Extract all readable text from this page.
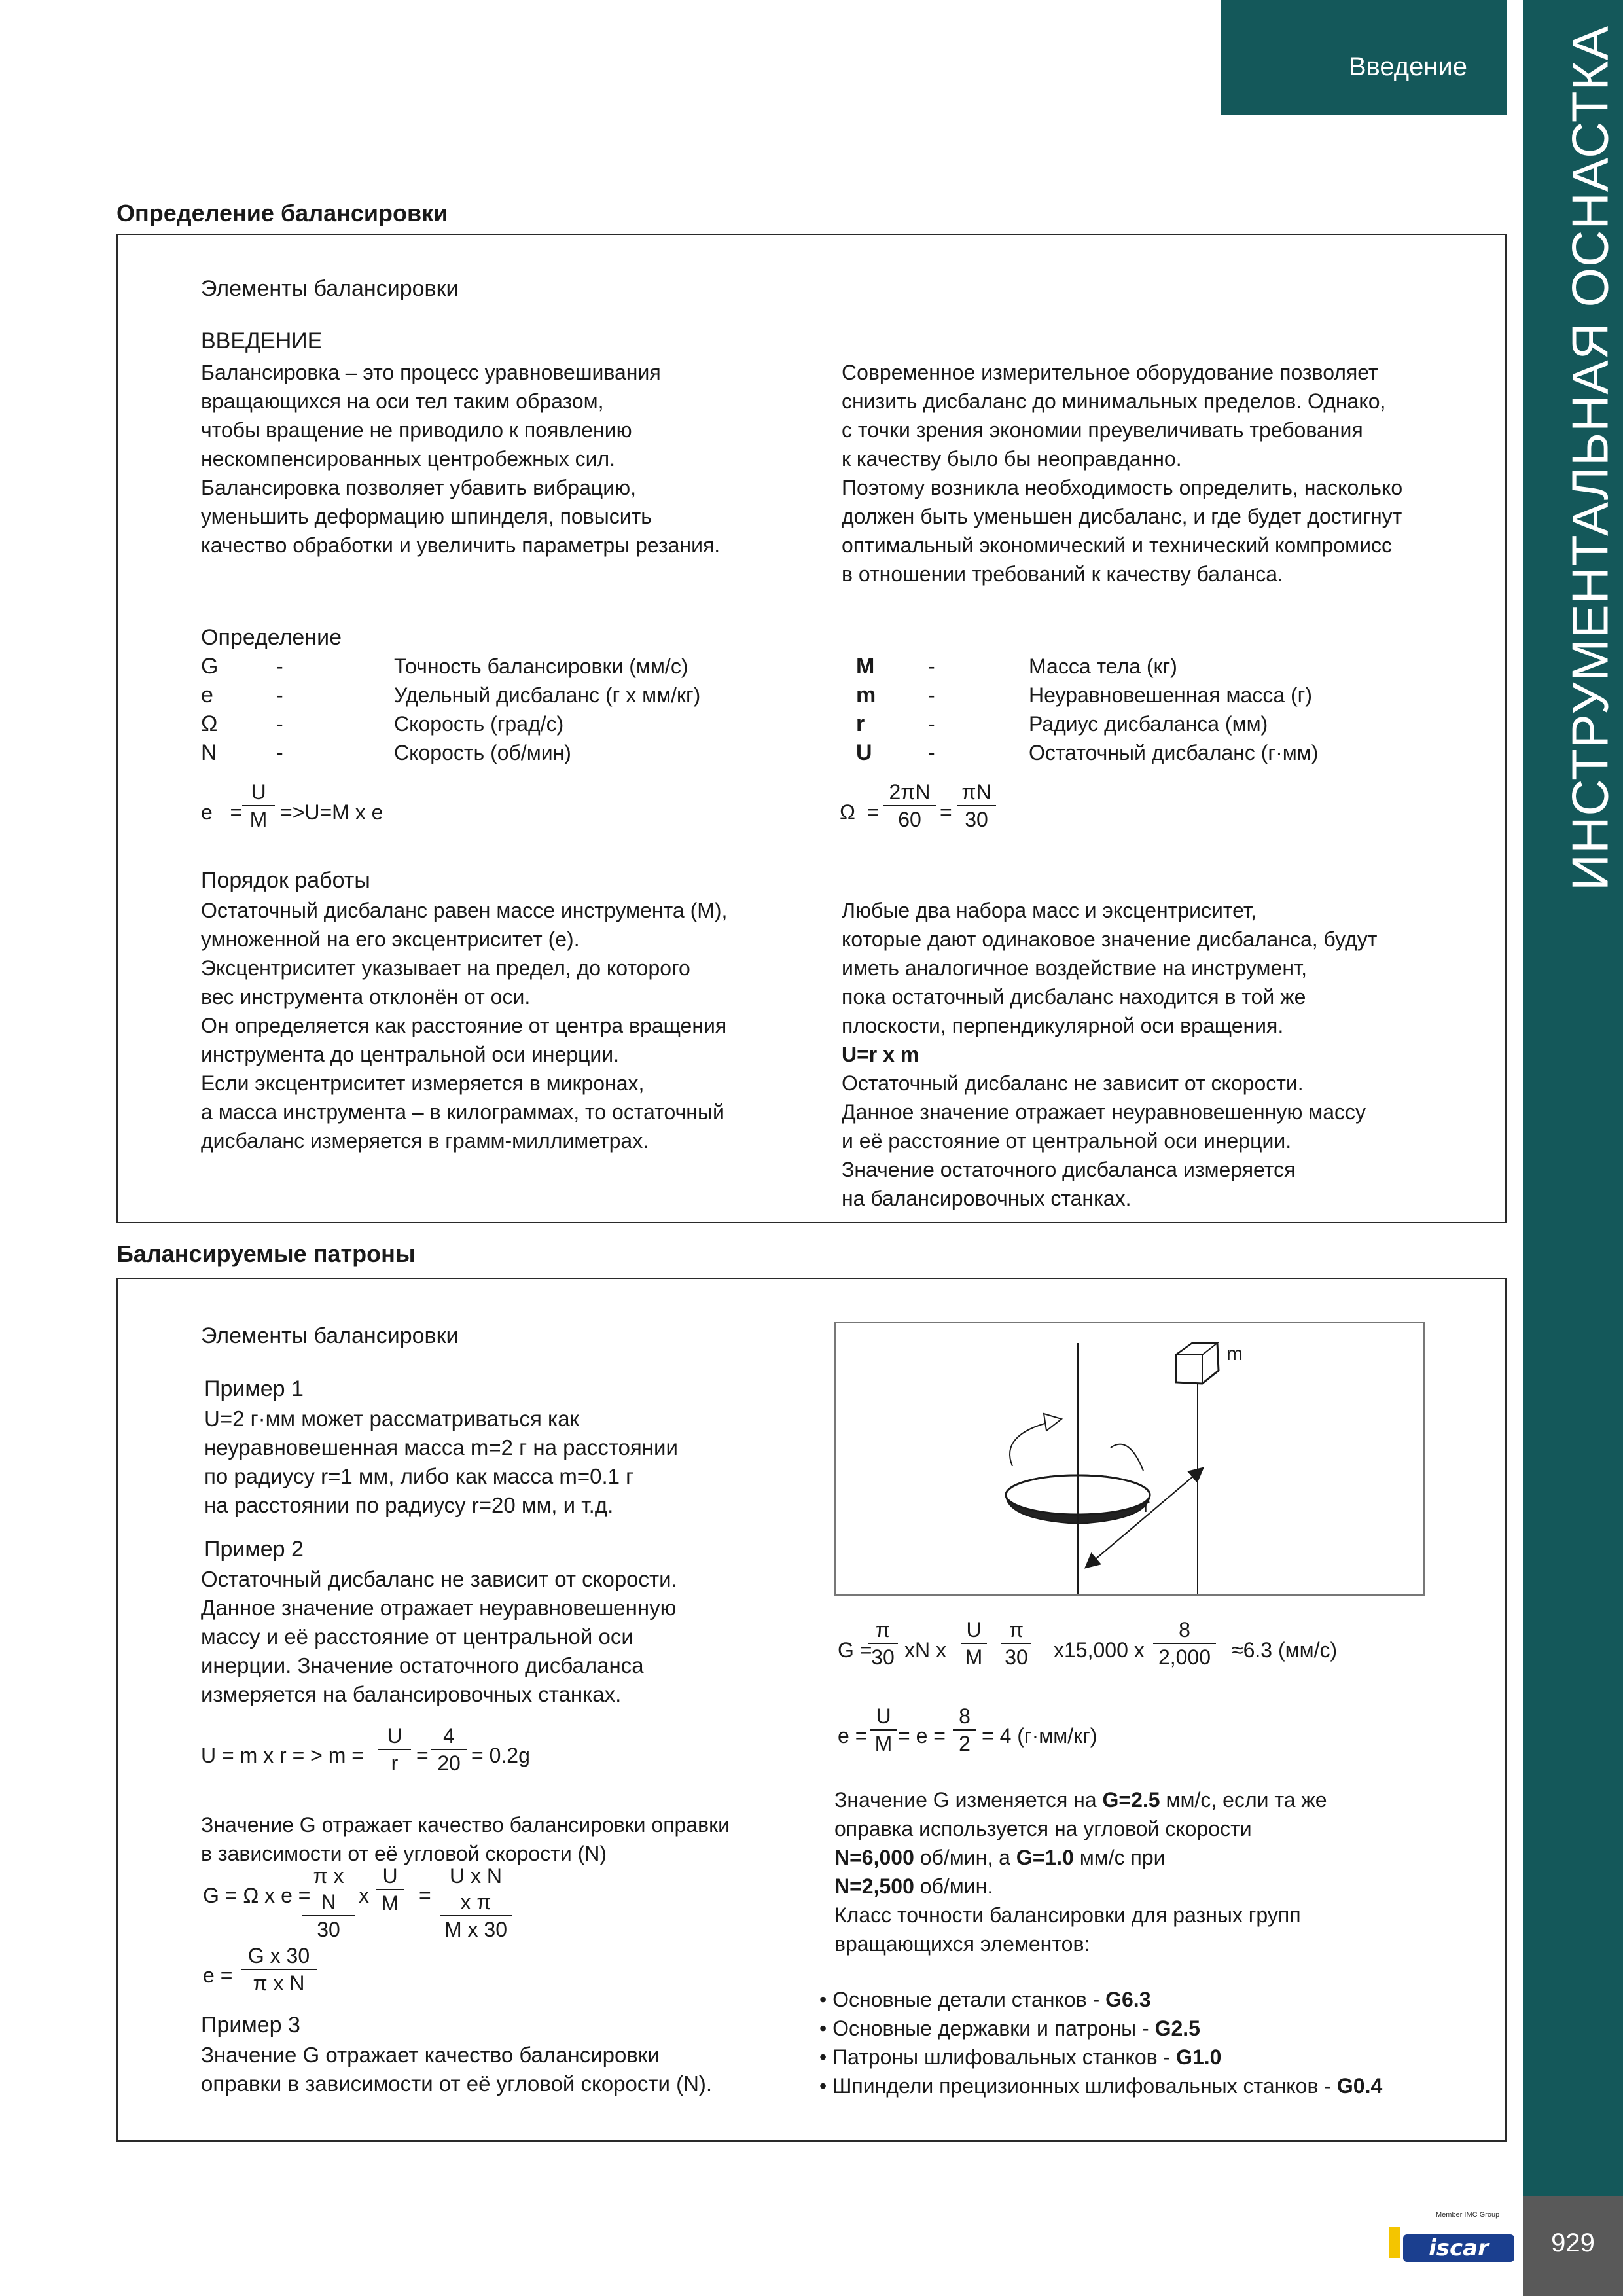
Введение ИНСТРУМЕНТАЛЬНАЯ ОСНАСТКА
929
Member IMC Group
iscar
Определение балансировки
Элементы балансировки
ВВЕДЕНИЕ
Балансировка – это процесс уравновешивания
вращающихся на оси тел таким образом,
чтобы вращение не приводило к появлению
нескомпенсированных центробежных сил.
Балансировка позволяет убавить вибрацию,
уменьшить деформацию шпинделя, повысить
качество обработки и увеличить параметры резания.
Современное измерительное оборудование позволяет
снизить дисбаланс до минимальных пределов. Однако,
с точки зрения экономии преувеличивать требования
к качеству было бы неоправданно.
Поэтому возникла необходимость определить, насколько
должен быть уменьшен дисбаланс, и где будет достигнут
оптимальный экономический и технический компромисс
в отношении требований к качеству баланса.
Определение
G	-	Точность балансировки (мм/с)
e	-	Удельный дисбаланс (г x мм/кг)
Ω	-	Скорость (град/с)
N	-	Скорость (об/мин)
M	-	Масса тела (кг)
m -	Неуравновешенная масса (г)
r	-	Радиус дисбаланса (мм)
U	-	Остаточный дисбаланс (г·мм)
$e = \frac{U}{M} =>U=M$ x e	$\Omega = \frac{2\pi N}{60} = \frac{\pi N}{30}$
Порядок работы
Остаточный дисбаланс равен массе инструмента (M),
умноженной на его эксцентриситет (e).
Эксцентриситет указывает на предел, до которого
вес инструмента отклонён от оси.
Он определяется как расстояние от центра вращения
инструмента до центральной оси инерции.
Если эксцентриситет измеряется в микронах,
а масса инструмента – в килограммах, то остаточный
дисбаланс измеряется в грамм-миллиметрах.
Любые два набора масс и эксцентриситет,
которые дают одинаковое значение дисбаланса, будут
иметь аналогичное воздействие на инструмент,
пока остаточный дисбаланс находится в той же
плоскости, перпендикулярной оси вращения.
U=r x m
Остаточный дисбаланс не зависит от скорости.
Данное значение отражает неуравновешенную массу
и её расстояние от центральной оси инерции.
Значение остаточного дисбаланса измеряется
на балансировочных станках.
Балансируемые патроны
Элементы балансировки
Пример 1
U=2 г·мм может рассматриваться как
неуравновешенная масса m=2 г на расстоянии
по радиусу r=1 мм, либо как масса m=0.1 г
на расстоянии по радиусу r=20 мм, и т.д.
Пример 2
Остаточный дисбаланс не зависит от скорости.
Данное значение отражает неуравновешенную
массу и её расстояние от центральной оси
инерции. Значение остаточного дисбаланса
измеряется на балансировочных станках.
U = m x r = > $m = \frac{U}{r} = \frac{4}{20} = 0.2g$
Значение G отражает качество балансировки оправки
в зависимости от её угловой скорости (N)
G = Ω x e =
$\frac{\text{π x N}}{30}$ x $\frac{U}{M} = \frac{\text{U x N x π}}{\text{M x 30}}$
$e = \frac{\text{G x 30}}{\text{π x N}}$
Пример 3
Значение G отражает качество балансировки
оправки в зависимости от её угловой скорости (N).
m
r
G =
$\frac{\pi}{30}$ xN x $\frac{U}{M} \frac{\pi}{30} x15,000$ x $\frac{8}{2,000} \approx 6.3$ (мм/с)
$e = \frac{U}{M} = e = \frac{8}{2} = 4$ (г·мм/кг)
Значение G изменяется на G=2.5 мм/с, если та же
оправка используется на угловой скорости
N=6,000 об/мин, а G=1.0 мм/с при
N=2,500 об/мин.
Класс точности балансировки для разных групп
вращающихся элементов:
• Основные детали станков - G6.3
• Основные державки и патроны - G2.5
• Патроны шлифовальных станков - G1.0
• Шпиндели прецизионных шлифовальных станков - G0.4
